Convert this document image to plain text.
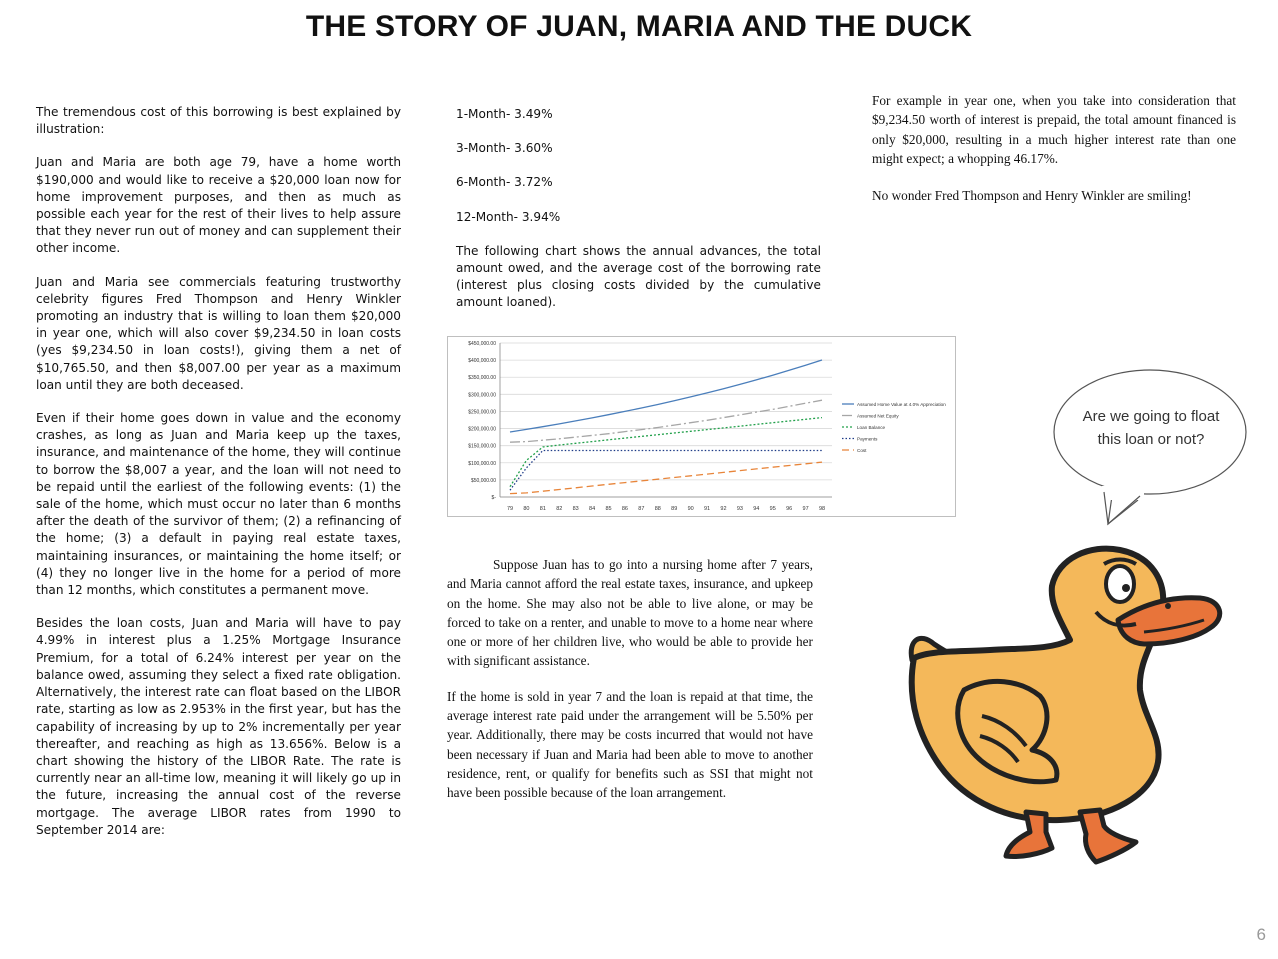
THE STORY OF JUAN, MARIA AND THE DUCK

The tremendous cost of this borrowing is best explained by illustration:

Juan and Maria are both age 79, have a home worth $190,000 and would like to receive a $20,000 loan now for home improvement purposes, and then as much as possible each year for the rest of their lives to help assure that they never run out of money and can supplement their other income.

Juan and Maria see commercials featuring trustworthy celebrity figures Fred Thompson and Henry Winkler promoting an industry that is willing to loan them $20,000 in year one, which will also cover $9,234.50 in loan costs (yes $9,234.50 in loan costs!), giving them a net of $10,765.50, and then $8,007.00 per year as a maximum loan until they are both deceased.

Even if their home goes down in value and the economy crashes, as long as Juan and Maria keep up the taxes, insurance, and maintenance of the home, they will continue to borrow the $8,007 a year, and the loan will not need to be repaid until the earliest of the following events: (1) the sale of the home, which must occur no later than 6 months after the death of the survivor of them; (2) a refinancing of the home; (3) a default in paying real estate taxes, maintaining insurances, or maintaining the home itself; or (4) they no longer live in the home for a period of more than 12 months, which constitutes a permanent move.

Besides the loan costs, Juan and Maria will have to pay 4.99% in interest plus a 1.25% Mortgage Insurance Premium, for a total of 6.24% interest per year on the balance owed, assuming they select a fixed rate obligation. Alternatively, the interest rate can float based on the LIBOR rate, starting as low as 2.953% in the first year, but has the capability of increasing by up to 2% incrementally per year thereafter, and reaching as high as 13.656%. Below is a chart showing the history of the LIBOR Rate. The rate is currently near an all-time low, meaning it will likely go up in the future, increasing the annual cost of the reverse mortgage. The average LIBOR rates from 1990 to September 2014 are:

1-Month- 3.49%

3-Month- 3.60%

6-Month- 3.72%

12-Month- 3.94%

The following chart shows the annual advances, the total amount owed, and the average cost of the borrowing rate (interest plus closing costs divided by the cumulative amount loaned).

For example in year one, when you take into consideration that $9,234.50 worth of interest is prepaid, the total amount financed is only $20,000, resulting in a much higher interest rate than one might expect; a whopping 46.17%.

No wonder Fred Thompson and Henry Winkler are smiling!

$-
$50,000.00
$100,000.00
$150,000.00
$200,000.00
$250,000.00
$300,000.00
$350,000.00
$400,000.00
$450,000.00
79 80 81 82 83 84 85 86 87 88 89 90 91 92 93 94 95 96 97 98
Assumed Home Value at 4.0% Appreciation
Assumed Net Equity
Loan Balance
Payments
Cost

Suppose Juan has to go into a nursing home after 7 years, and Maria cannot afford the real estate taxes, insurance, and upkeep on the home. She may also not be able to live alone, or may be forced to take on a renter, and unable to move to a home near where one or more of her children live, who would be able to provide her with significant assistance.

If the home is sold in year 7 and the loan is repaid at that time, the average interest rate paid under the arrangement will be 5.50% per year. Additionally, there may be costs incurred that would not have been necessary if Juan and Maria had been able to move to another residence, rent, or qualify for benefits such as SSI that might not have been possible because of the loan arrangement.

Are we going to float this loan or not?
6
